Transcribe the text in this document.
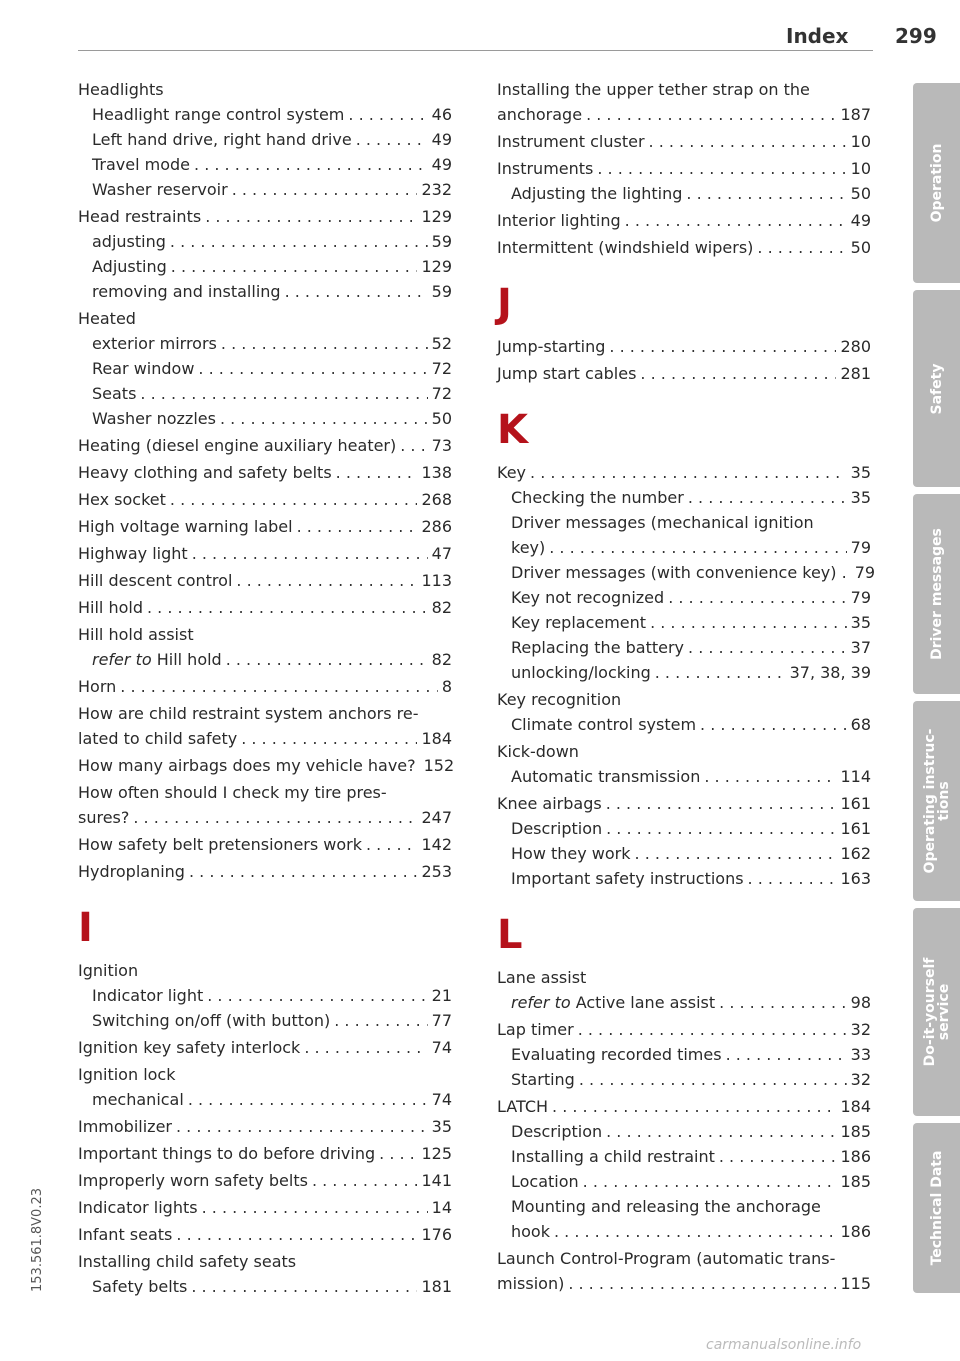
Index 299
Headlights
Headlight range control system . . .	46
Left hand drive, right hand drive . . .	49
Travel mode . . .	49
Washer reservoir . . .	232
Head restraints . . .	129
adjusting . . .	59
Adjusting . . .	129
removing and installing . . .	59
Heated
exterior mirrors . . .	52
Rear window . . .	72
Seats . . .	72
Washer nozzles . . .	50
Heating (diesel engine auxiliary heater) . . . 73
Heavy clothing and safety belts . . .	138
Hex socket . . .	268
High voltage warning label . . .	286
Highway light . . .	47
Hill descent control . . .	113
Hill hold . . .	82
Hill hold assist
refer to Hill hold . . .	82
Horn . . .	8
How are child restraint system anchors re-
lated to child safety . . .	184
How many airbags does my vehicle have? 152
How often should I check my tire pres-
sures? . . .	247
How safety belt pretensioners work . . .	142
Hydroplaning . . .	253
I
Ignition
Indicator light . . .	21
Switching on/off (with button) . . .	77
Ignition key safety interlock . . .	74
Ignition lock
mechanical . . .	74
Immobilizer . . .	35
Important things to do before driving . . .	125
Improperly worn safety belts . . .	141
Indicator lights . . .	14
Infant seats . . .	176
Installing child safety seats
Safety belts . . .	181
Installing the upper tether strap on the
anchorage . . .	187
Instrument cluster . . .	10
Instruments . . .	10
Adjusting the lighting . . .	50
Interior lighting . . .	49
Intermittent (windshield wipers) . . .	50
J
Jump-starting . . .	280
Jump start cables . . .	281
K
Key . . .	35
Checking the number . . .	35
Driver messages (mechanical ignition
key) . . .	79
Driver messages (with convenience key) . 79
Key not recognized . . .	79
Key replacement . . .	35
Replacing the battery . . .	37
unlocking/locking . . .	37, 38, 39
Key recognition
Climate control system . . .	68
Kick-down
Automatic transmission . . .	114
Knee airbags . . .	161
Description . . .	161
How they work . . .	162
Important safety instructions . . .	163
L
Lane assist
refer to Active lane assist . . .	98
Lap timer . . .	32
Evaluating recorded times . . .	33
Starting . . .	32
LATCH . . .	184
Description . . .	185
Installing a child restraint . . .	186
Location . . .	185
Mounting and releasing the anchorage
hook . . .	186
Launch Control-Program (automatic trans-
mission) . . .	115
Operation
Safety
Driver messages
Operating instruc-
tions
Do-it-yourself
service
Technical Data
153.561.8V0.23
carmanualsonline.info
